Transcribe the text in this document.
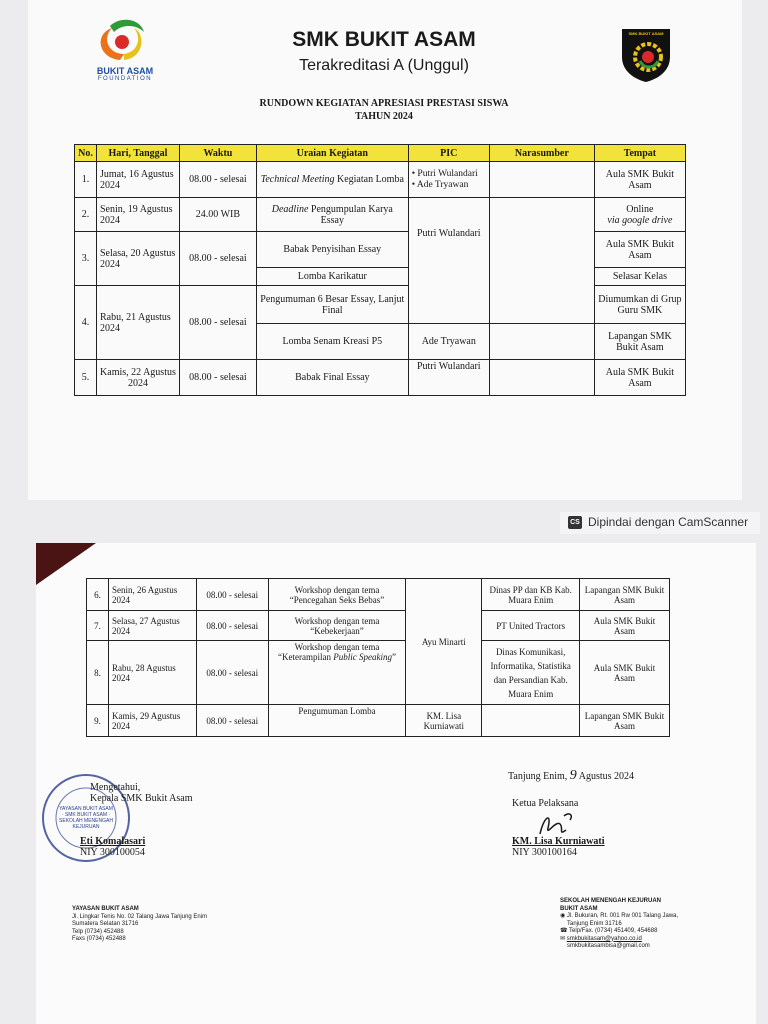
BUKIT ASAM
FOUNDATION
SMK BUKIT ASAM
Terakreditasi A (Unggul)
SMK BUKIT ASAM
RUNDOWN KEGIATAN APRESIASI PRESTASI SISWA
TAHUN 2024
No.	Hari, Tanggal	Waktu	Uraian Kegiatan	PIC	Narasumber	Tempat
1.	Jumat, 16 Agustus 2024	08.00 - selesai	Technical Meeting Kegiatan Lomba	• Putri Wulandari
• Ade Tryawan		Aula SMK Bukit Asam
2.	Senin, 19 Agustus 2024	24.00 WIB	Deadline Pengumpulan Karya Essay	Putri Wulandari		Online
via google drive

3.	Selasa, 20 Agustus 2024	08.00 - selesai	Babak Penyisihan Essay			Aula SMK Bukit Asam
			Lomba Karikatur			Selasar Kelas
4.	Rabu, 21 Agustus 2024	08.00 - selesai	Pengumuman 6 Besar Essay, Lanjut Final			Diumumkan di Grup Guru SMK
			Lomba Senam Kreasi P5	Ade Tryawan		Lapangan SMK Bukit Asam
5.	Kamis, 22 Agustus 2024	08.00 - selesai	Babak Final Essay	Putri Wulandari		Aula SMK Bukit Asam
CS Dipindai dengan CamScanner
6.	Senin, 26 Agustus 2024	08.00 - selesai	Workshop dengan tema
“Pencegahan Seks Bebas”	Ayu Minarti	Dinas PP dan KB Kab. Muara Enim	Lapangan SMK Bukit Asam
7.	Selasa, 27 Agustus 2024	08.00 - selesai	Workshop dengan tema
“Kebekerjaan”		PT United Tractors	Aula SMK Bukit Asam
8.	Rabu, 28 Agustus 2024	08.00 - selesai	Workshop dengan tema
“Keterampilan Public Speaking”		Dinas Komunikasi, Informatika, Statistika dan Persandian Kab. Muara Enim	Aula SMK Bukit Asam
9.	Kamis, 29 Agustus 2024	08.00 - selesai	Pengumuman Lomba	KM. Lisa Kurniawati		Lapangan SMK Bukit Asam
YAYASAN BUKIT ASAM · SMK BUKIT ASAM · SEKOLAH MENENGAH KEJURUAN
Mengetahui,
Kepala SMK Bukit Asam
Eti Komalasari
NIY 300100054
Tanjung Enim, 9 Agustus 2024
Ketua Pelaksana
KM. Lisa Kurniawati
NIY 300100164
YAYASAN BUKIT ASAM
Jl. Lingkar Tenis No. 02 Talang Jawa Tanjung Enim
Sumatera Selatan 31716
Telp (0734) 452488
Faxs (0734) 452488
SEKOLAH MENENGAH KEJURUAN
BUKIT ASAM
◉ Jl. Bukuran, Rt. 001 Rw 001 Talang Jawa,
Tanjung Enim 31716
☎ Telp/Fax. (0734) 451409, 454688
✉ smkbukitasam@yahoo.co.id
smkbukitasambisa@gmail.com
